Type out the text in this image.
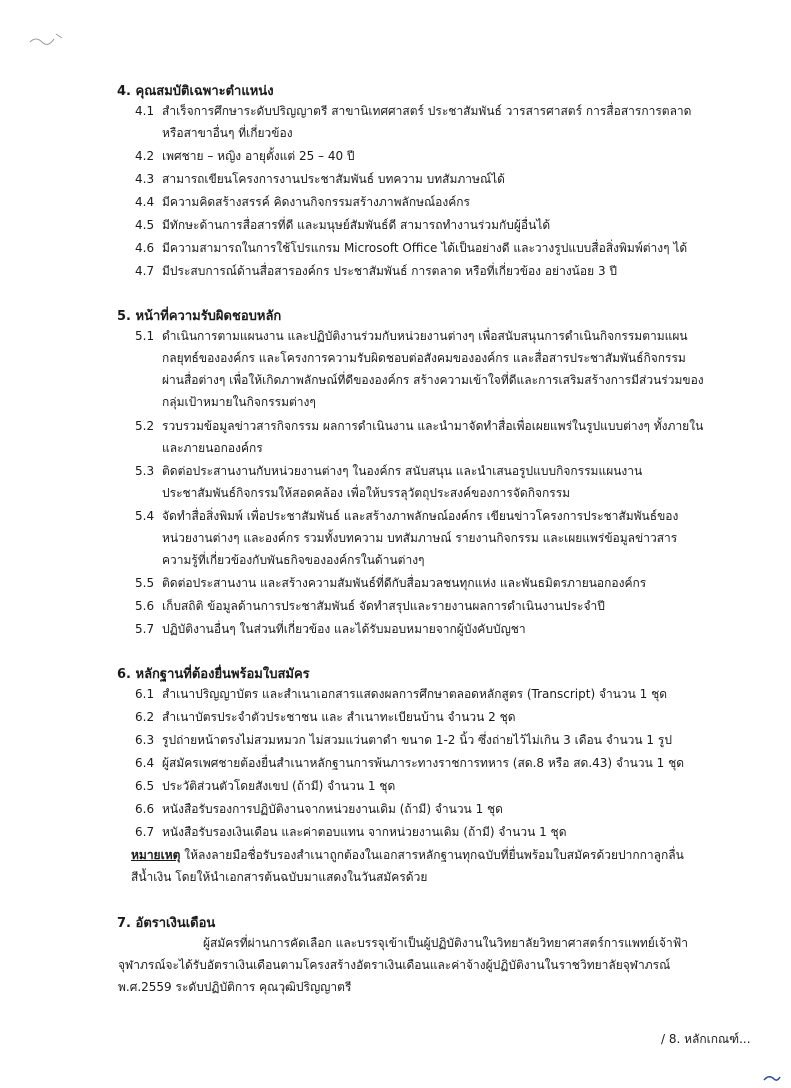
4. คุณสมบัติเฉพาะตำแหน่ง
4.1 สำเร็จการศึกษาระดับปริญญาตรี สาขานิเทศศาสตร์ ประชาสัมพันธ์ วารสารศาสตร์ การสื่อสารการตลาด หรือสาขาอื่นๆ ที่เกี่ยวข้อง
4.2 เพศชาย – หญิง อายุตั้งแต่ 25 – 40 ปี
4.3 สามารถเขียนโครงการงานประชาสัมพันธ์ บทความ บทสัมภาษณ์ได้
4.4 มีความคิดสร้างสรรค์ คิดงานกิจกรรมสร้างภาพลักษณ์องค์กร
4.5 มีทักษะด้านการสื่อสารที่ดี และมนุษย์สัมพันธ์ดี สามารถทำงานร่วมกับผู้อื่นได้
4.6 มีความสามารถในการใช้โปรแกรม Microsoft Office ได้เป็นอย่างดี และวางรูปแบบสื่อสิ่งพิมพ์ต่างๆ ได้
4.7 มีประสบการณ์ด้านสื่อสารองค์กร ประชาสัมพันธ์ การตลาด หรือที่เกี่ยวข้อง อย่างน้อย 3 ปี
5. หน้าที่ความรับผิดชอบหลัก
5.1 ดำเนินการตามแผนงาน และปฏิบัติงานร่วมกับหน่วยงานต่างๆ เพื่อสนับสนุนการดำเนินกิจกรรมตามแผนกลยุทธ์ขององค์กร และโครงการความรับผิดชอบต่อสังคมขององค์กร และสื่อสารประชาสัมพันธ์กิจกรรมผ่านสื่อต่างๆ เพื่อให้เกิดภาพลักษณ์ที่ดีขององค์กร สร้างความเข้าใจที่ดีและการเสริมสร้างการมีส่วนร่วมของกลุ่มเป้าหมายในกิจกรรมต่างๆ
5.2 รวบรวมข้อมูลข่าวสารกิจกรรม ผลการดำเนินงาน และนำมาจัดทำสื่อเพื่อเผยแพร่ในรูปแบบต่างๆ ทั้งภายในและภายนอกองค์กร
5.3 ติดต่อประสานงานกับหน่วยงานต่างๆ ในองค์กร สนับสนุน และนำเสนอรูปแบบกิจกรรมแผนงานประชาสัมพันธ์กิจกรรมให้สอดคล้อง เพื่อให้บรรลุวัตถุประสงค์ของการจัดกิจกรรม
5.4 จัดทำสื่อสิ่งพิมพ์ เพื่อประชาสัมพันธ์ และสร้างภาพลักษณ์องค์กร เขียนข่าวโครงการประชาสัมพันธ์ของหน่วยงานต่างๆ และองค์กร รวมทั้งบทความ บทสัมภาษณ์ รายงานกิจกรรม และเผยแพร่ข้อมูลข่าวสารความรู้ที่เกี่ยวข้องกับพันธกิจขององค์กรในด้านต่างๆ
5.5 ติดต่อประสานงาน และสร้างความสัมพันธ์ที่ดีกับสื่อมวลชนทุกแห่ง และพันธมิตรภายนอกองค์กร
5.6 เก็บสถิติ ข้อมูลด้านการประชาสัมพันธ์ จัดทำสรุปและรายงานผลการดำเนินงานประจำปี
5.7 ปฏิบัติงานอื่นๆ ในส่วนที่เกี่ยวข้อง และได้รับมอบหมายจากผู้บังคับบัญชา
6. หลักฐานที่ต้องยื่นพร้อมใบสมัคร
6.1 สำเนาปริญญาบัตร และสำเนาเอกสารแสดงผลการศึกษาตลอดหลักสูตร (Transcript) จำนวน 1 ชุด
6.2 สำเนาบัตรประจำตัวประชาชน และ สำเนาทะเบียนบ้าน จำนวน 2 ชุด
6.3 รูปถ่ายหน้าตรงไม่สวมหมวก ไม่สวมแว่นตาดำ ขนาด 1-2 นิ้ว ซึ่งถ่ายไว้ไม่เกิน 3 เดือน จำนวน 1 รูป
6.4 ผู้สมัครเพศชายต้องยื่นสำเนาหลักฐานการพ้นภาระทางราชการทหาร (สด.8 หรือ สด.43) จำนวน 1 ชุด
6.5 ประวัติส่วนตัวโดยสังเขป (ถ้ามี) จำนวน 1 ชุด
6.6 หนังสือรับรองการปฏิบัติงานจากหน่วยงานเดิม (ถ้ามี) จำนวน 1 ชุด
6.7 หนังสือรับรองเงินเดือน และค่าตอบแทน จากหน่วยงานเดิม (ถ้ามี) จำนวน 1 ชุด
หมายเหตุ ให้ลงลายมือชื่อรับรองสำเนาถูกต้องในเอกสารหลักฐานทุกฉบับที่ยื่นพร้อมใบสมัครด้วยปากกาลูกลื่นสีน้ำเงิน โดยให้นำเอกสารต้นฉบับมาแสดงในวันสมัครด้วย
7. อัตราเงินเดือน
ผู้สมัครที่ผ่านการคัดเลือก และบรรจุเข้าเป็นผู้ปฏิบัติงานในวิทยาลัยวิทยาศาสตร์การแพทย์เจ้าฟ้าจุฬาภรณ์จะได้รับอัตราเงินเดือนตามโครงสร้างอัตราเงินเดือนและค่าจ้างผู้ปฏิบัติงานในราชวิทยาลัยจุฬาภรณ์ พ.ศ.2559 ระดับปฏิบัติการ คุณวุฒิปริญญาตรี
/ 8. หลักเกณฑ์...
